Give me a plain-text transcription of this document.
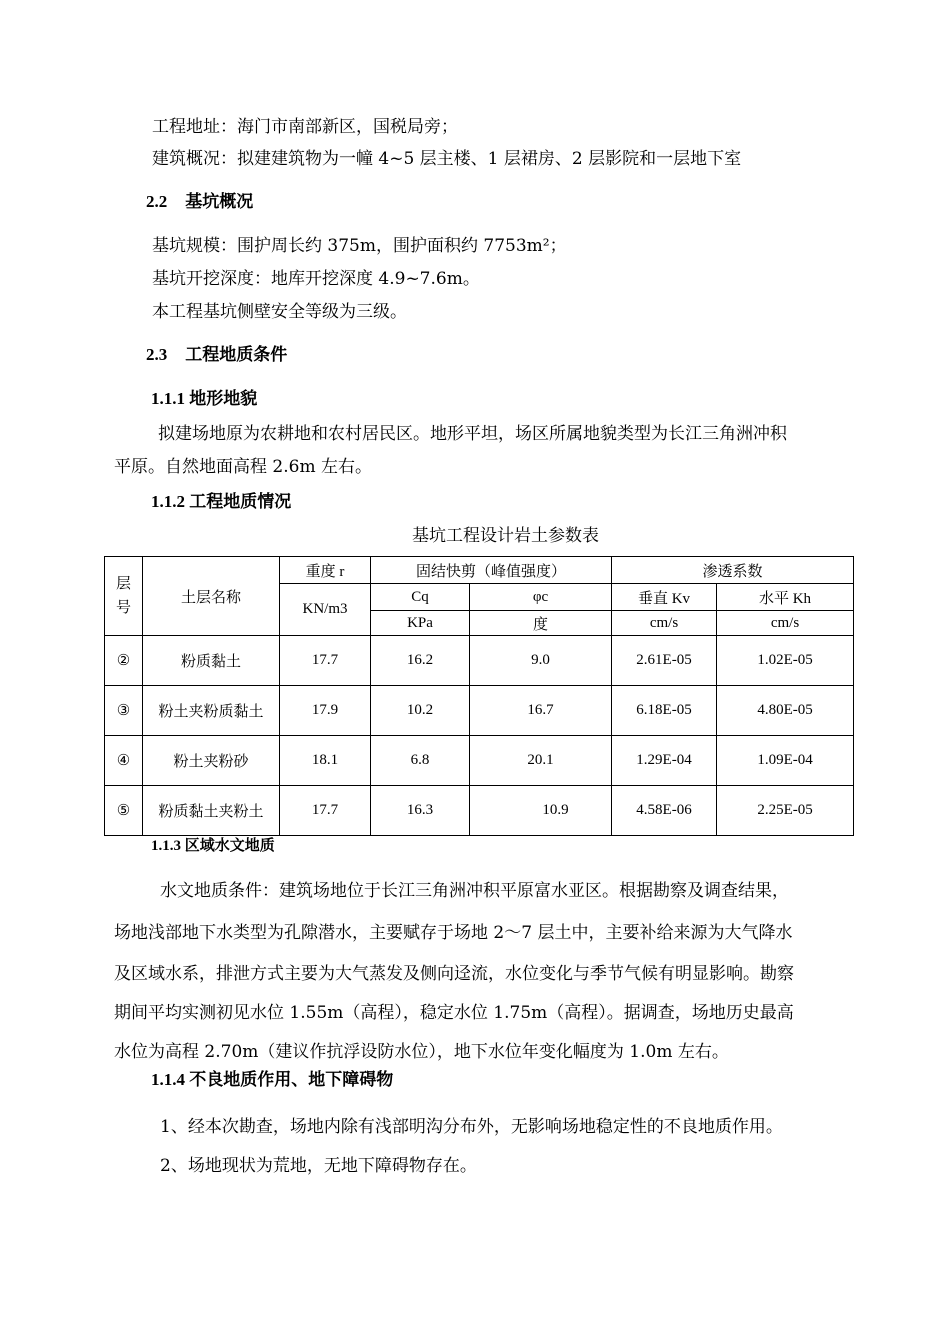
工程地址：海门市南部新区，国税局旁；
建筑概况：拟建建筑物为一幢 4~5 层主楼、1 层裙房、2 层影院和一层地下室
2.2 基坑概况
基坑规模：围护周长约 375m，围护面积约 7753m²；
基坑开挖深度：地库开挖深度 4.9~7.6m。
本工程基坑侧壁安全等级为三级。
2.3 工程地质条件
1.1.1 地形地貌
拟建场地原为农耕地和农村居民区。地形平坦，场区所属地貌类型为长江三角洲冲积
平原。自然地面高程 2.6m 左右。
1.1.2 工程地质情况
基坑工程设计岩土参数表
层
号	土层名称	重度 r	固结快剪（峰值强度）		渗透系数	
		KN/m3	Cq	φc	垂直 Kv	水平 Kh
			KPa	度	cm/s	cm/s
②	粉质黏土	17.7	16.2	9.0	2.61E-05	1.02E-05
③	粉土夹粉质黏土	17.9	10.2	16.7	6.18E-05	4.80E-05
④	粉土夹粉砂	18.1	6.8	20.1	1.29E-04	1.09E-04
⑤	粉质黏土夹粉土	17.7	16.3	10.9	4.58E-06	2.25E-05
1.1.3 区域水文地质
水文地质条件：建筑场地位于长江三角洲冲积平原富水亚区。根据勘察及调查结果，
场地浅部地下水类型为孔隙潜水，主要赋存于场地 2～7 层土中，主要补给来源为大气降水
及区域水系，排泄方式主要为大气蒸发及侧向迳流，水位变化与季节气候有明显影响。勘察
期间平均实测初见水位 1.55m（高程），稳定水位 1.75m（高程）。据调查，场地历史最高
水位为高程 2.70m（建议作抗浮设防水位），地下水位年变化幅度为 1.0m 左右。
1.1.4 不良地质作用、地下障碍物
1、经本次勘查，场地内除有浅部明沟分布外，无影响场地稳定性的不良地质作用。
2、场地现状为荒地，无地下障碍物存在。
